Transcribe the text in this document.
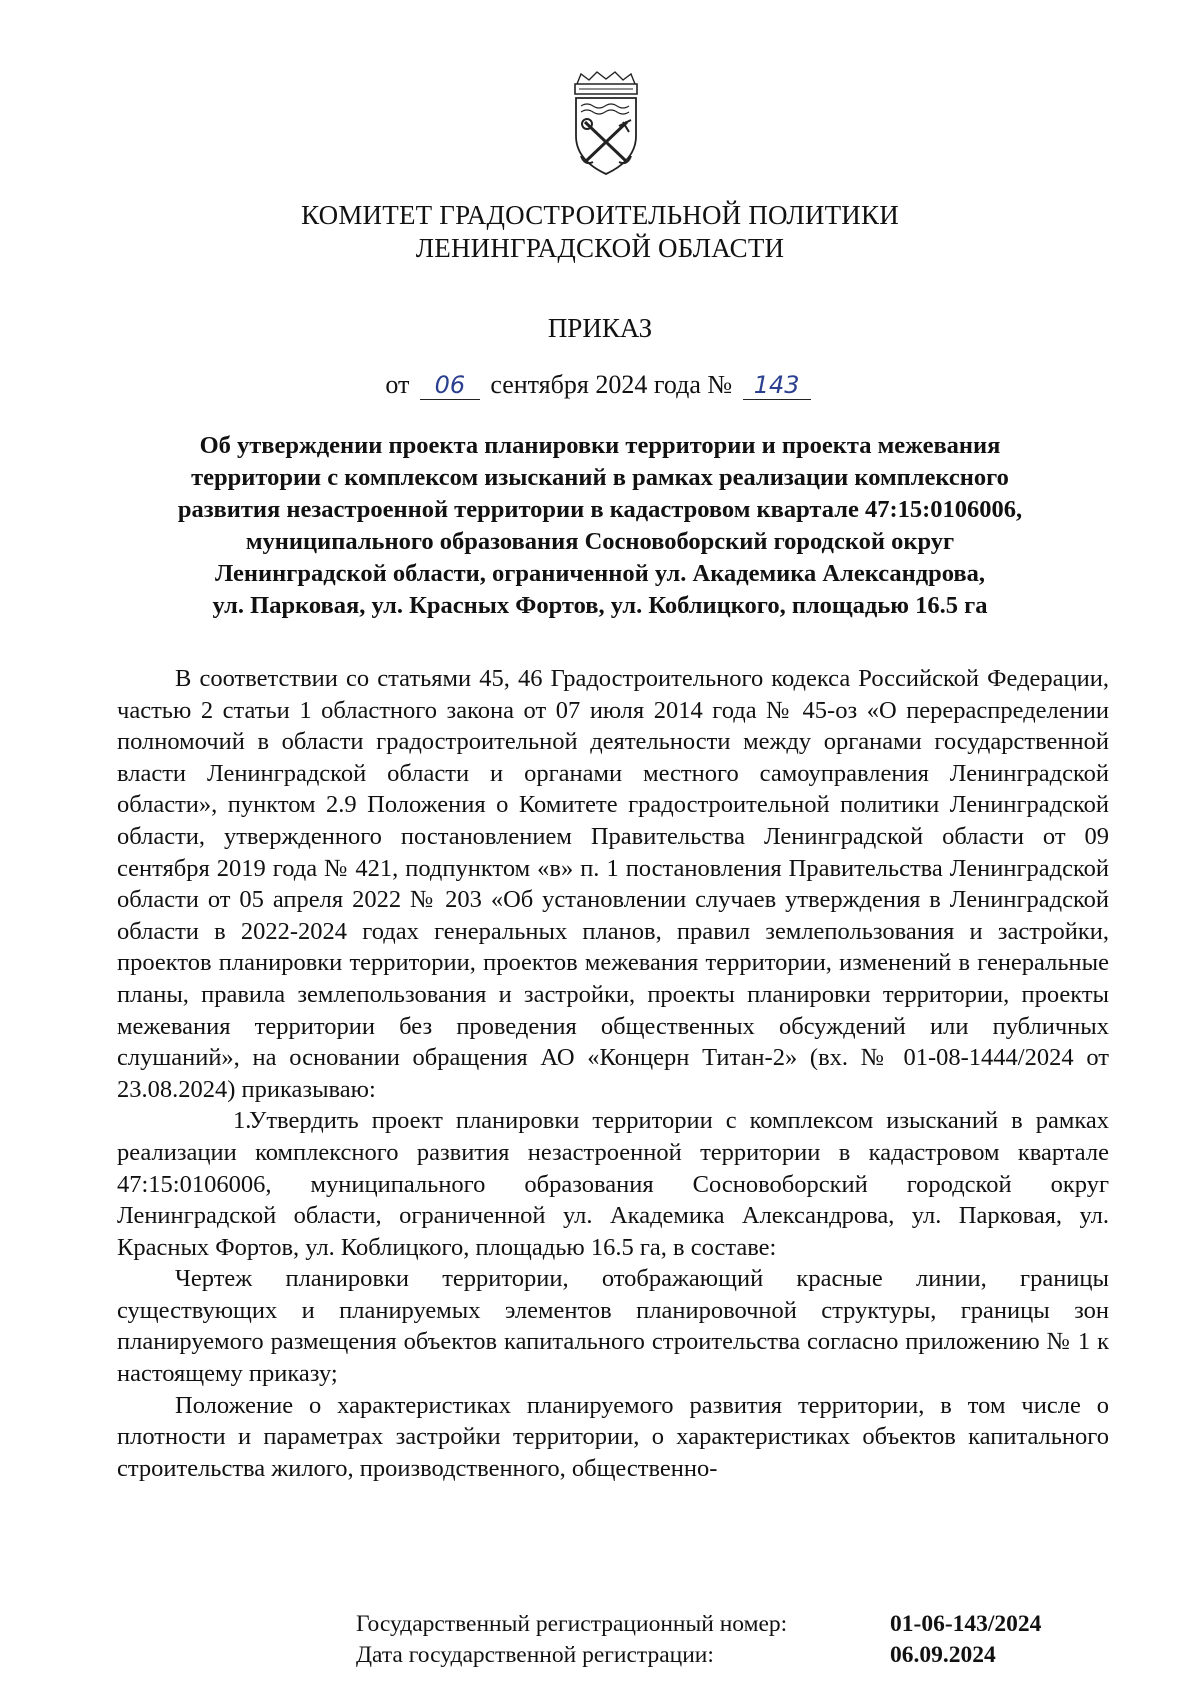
КОМИТЕТ ГРАДОСТРОИТЕЛЬНОЙ ПОЛИТИКИ
ЛЕНИНГРАДСКОЙ ОБЛАСТИ
ПРИКАЗ
от 06 сентября 2024 года № 143
Об утверждении проекта планировки территории и проекта межевания
территории с комплексом изысканий в рамках реализации комплексного
развития незастроенной территории в кадастровом квартале 47:15:0106006,
муниципального образования Сосновоборский городской округ
Ленинградской области, ограниченной ул. Академика Александрова,
ул. Парковая, ул. Красных Фортов, ул. Коблицкого, площадью 16.5 га

В соответствии со статьями 45, 46 Градостроительного кодекса Российской Федерации, частью 2 статьи 1 областного закона от 07 июля 2014 года № 45-оз «О перераспределении полномочий в области градостроительной деятельности между органами государственной власти Ленинградской области и органами местного самоуправления Ленинградской области», пунктом 2.9 Положения о Комитете градостроительной политики Ленинградской области, утвержденного постановлением Правительства Ленинградской области от 09 сентября 2019 года № 421, подпунктом «в» п. 1 постановления Правительства Ленинградской области от 05 апреля 2022 № 203 «Об установлении случаев утверждения в Ленинградской области в 2022-2024 годах генеральных планов, правил землепользования и застройки, проектов планировки территории, проектов межевания территории, изменений в генеральные планы, правила землепользования и застройки, проекты планировки территории, проекты межевания территории без проведения общественных обсуждений или публичных слушаний», на основании обращения АО «Концерн Титан-2» (вх. № 01-08-1444/2024 от 23.08.2024) приказываю:

1.Утвердить проект планировки территории с комплексом изысканий в рамках реализации комплексного развития незастроенной территории в кадастровом квартале 47:15:0106006, муниципального образования Сосновоборский городской округ Ленинградской области, ограниченной ул. Академика Александрова, ул. Парковая, ул. Красных Фортов, ул. Коблицкого, площадью 16.5 га, в составе:

Чертеж планировки территории, отображающий красные линии, границы существующих и планируемых элементов планировочной структуры, границы зон планируемого размещения объектов капитального строительства согласно приложению № 1 к настоящему приказу;

Положение о характеристиках планируемого развития территории, в том числе о плотности и параметрах застройки территории, о характеристиках объектов капитального строительства жилого, производственного, общественно-

Государственный регистрационный номер:	01-06-143/2024
Дата государственной регистрации:	06.09.2024
